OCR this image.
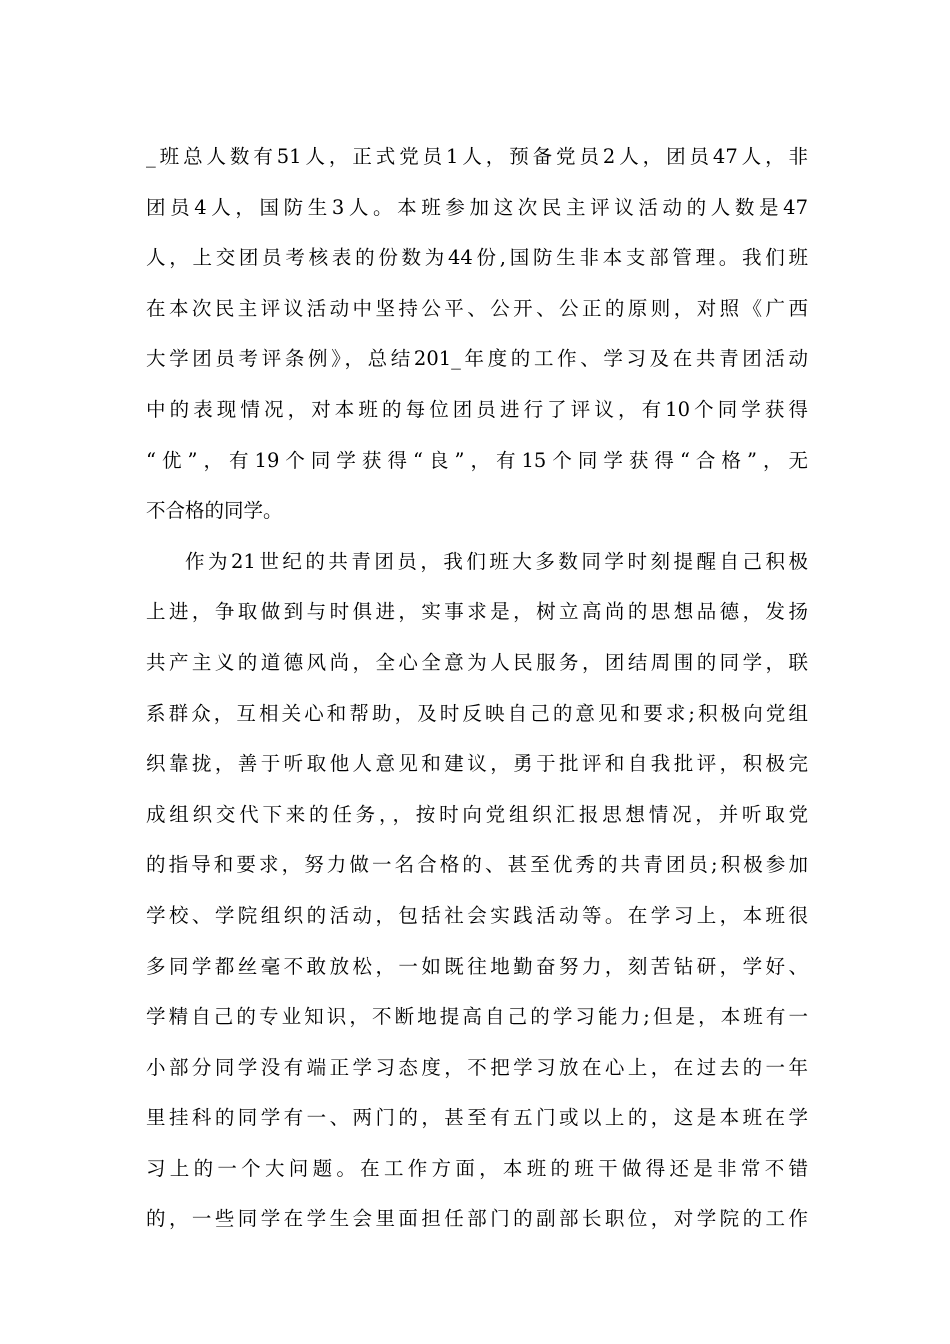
_班总人数有51人，正式党员1人，预备党员2人，团员47人，非
团员4人，国防生3人。本班参加这次民主评议活动的人数是47
人，上交团员考核表的份数为44份,国防生非本支部管理。我们班
在本次民主评议活动中坚持公平、公开、公正的原则，对照《广西
大学团员考评条例》，总结201_年度的工作、学习及在共青团活动
中的表现情况，对本班的每位团员进行了评议，有10个同学获得
“优”，有19个同学获得“良”，有15个同学获得“合格”，无
不合格的同学。
作为21世纪的共青团员，我们班大多数同学时刻提醒自己积极
上进，争取做到与时俱进，实事求是，树立高尚的思想品德，发扬
共产主义的道德风尚，全心全意为人民服务，团结周围的同学，联
系群众，互相关心和帮助，及时反映自己的意见和要求;积极向党组
织靠拢，善于听取他人意见和建议，勇于批评和自我批评，积极完
成组织交代下来的任务，，按时向党组织汇报思想情况，并听取党
的指导和要求，努力做一名合格的、甚至优秀的共青团员;积极参加
学校、学院组织的活动，包括社会实践活动等。在学习上，本班很
多同学都丝毫不敢放松，一如既往地勤奋努力，刻苦钻研，学好、
学精自己的专业知识，不断地提高自己的学习能力;但是，本班有一
小部分同学没有端正学习态度，不把学习放在心上，在过去的一年
里挂科的同学有一、两门的，甚至有五门或以上的，这是本班在学
习上的一个大问题。在工作方面，本班的班干做得还是非常不错
的，一些同学在学生会里面担任部门的副部长职位，对学院的工作
